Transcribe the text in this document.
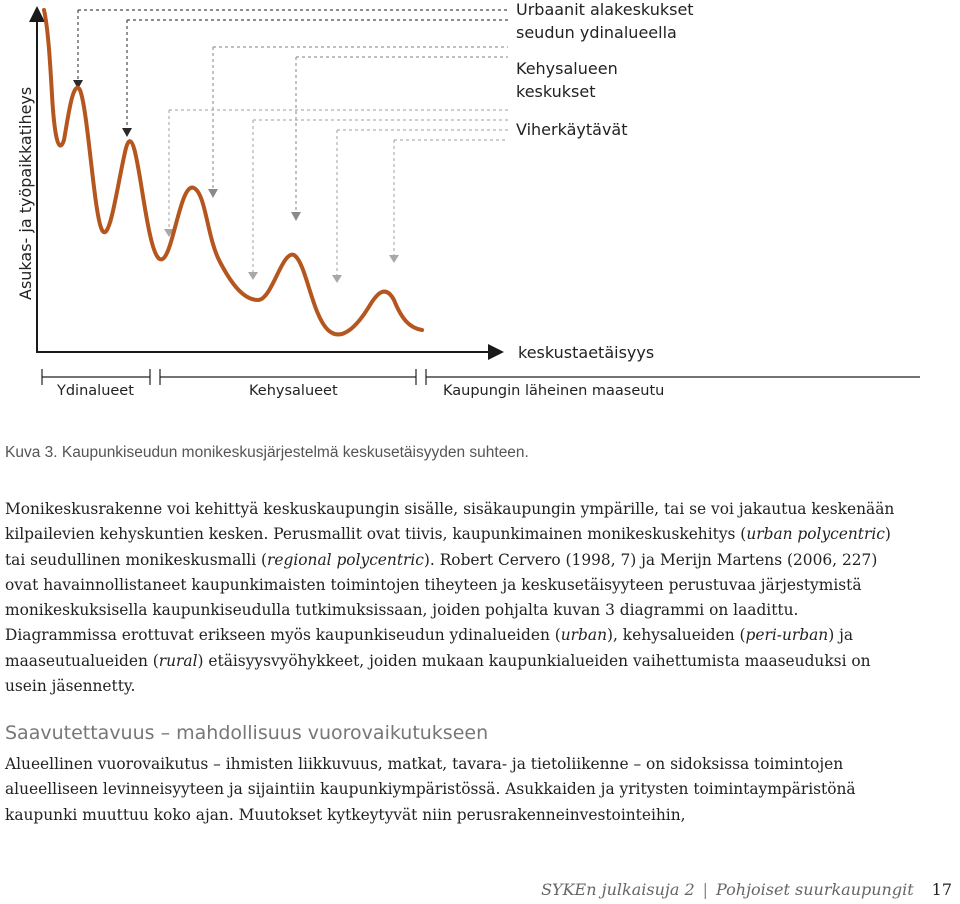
Asukas- ja työpaikkatiheys
keskustaetäisyys

Urbaanit alakeskukset

seudun ydinalueella

Kehysalueen

keskukset

Viherkäytävät

Ydinalueet	Kehysalueet	Kaupungin läheinen maaseutu

Kuva 3. Kaupunkiseudun monikeskusjärjestelmä keskusetäisyyden suhteen.

Monikeskusrakenne voi kehittyä keskuskaupungin sisälle, sisäkaupungin ympärille, tai se voi jakautua keskenään kilpailevien kehyskuntien kesken. Perusmallit ovat tiivis, kaupunkimainen monikeskuskehitys (urban polycentric) tai seudullinen monikeskusmalli (regional polycentric). Robert Cervero (1998, 7) ja Merijn Martens (2006, 227) ovat havainnollistaneet kaupunkimaisten toimintojen tiheyteen ja keskusetäisyyteen perustuvaa järjestymistä monikeskuksisella kaupunkiseudulla tutkimuksissaan, joiden pohjalta kuvan 3 diagrammi on laadittu. Diagrammissa erottuvat erikseen myös kaupunkiseudun ydinalueiden (urban), kehysalueiden (peri-urban) ja maaseutualueiden (rural) etäisyysvyöhykkeet, joiden mukaan kaupunkialueiden vaihettumista maaseuduksi on usein jäsennetty.

Saavutettavuus – mahdollisuus vuorovaikutukseen

Alueellinen vuorovaikutus – ihmisten liikkuvuus, matkat, tavara- ja tietoliikenne – on sidoksissa toimintojen alueelliseen levinneisyyteen ja sijaintiin kaupunkiympäristössä. Asukkaiden ja yritysten toimintaympäristönä kaupunki muuttuu koko ajan. Muutokset kytkeytyvät niin perusrakenneinvestointeihin,

SYKEn julkaisuja 2 | Pohjoiset suurkaupungit 17
